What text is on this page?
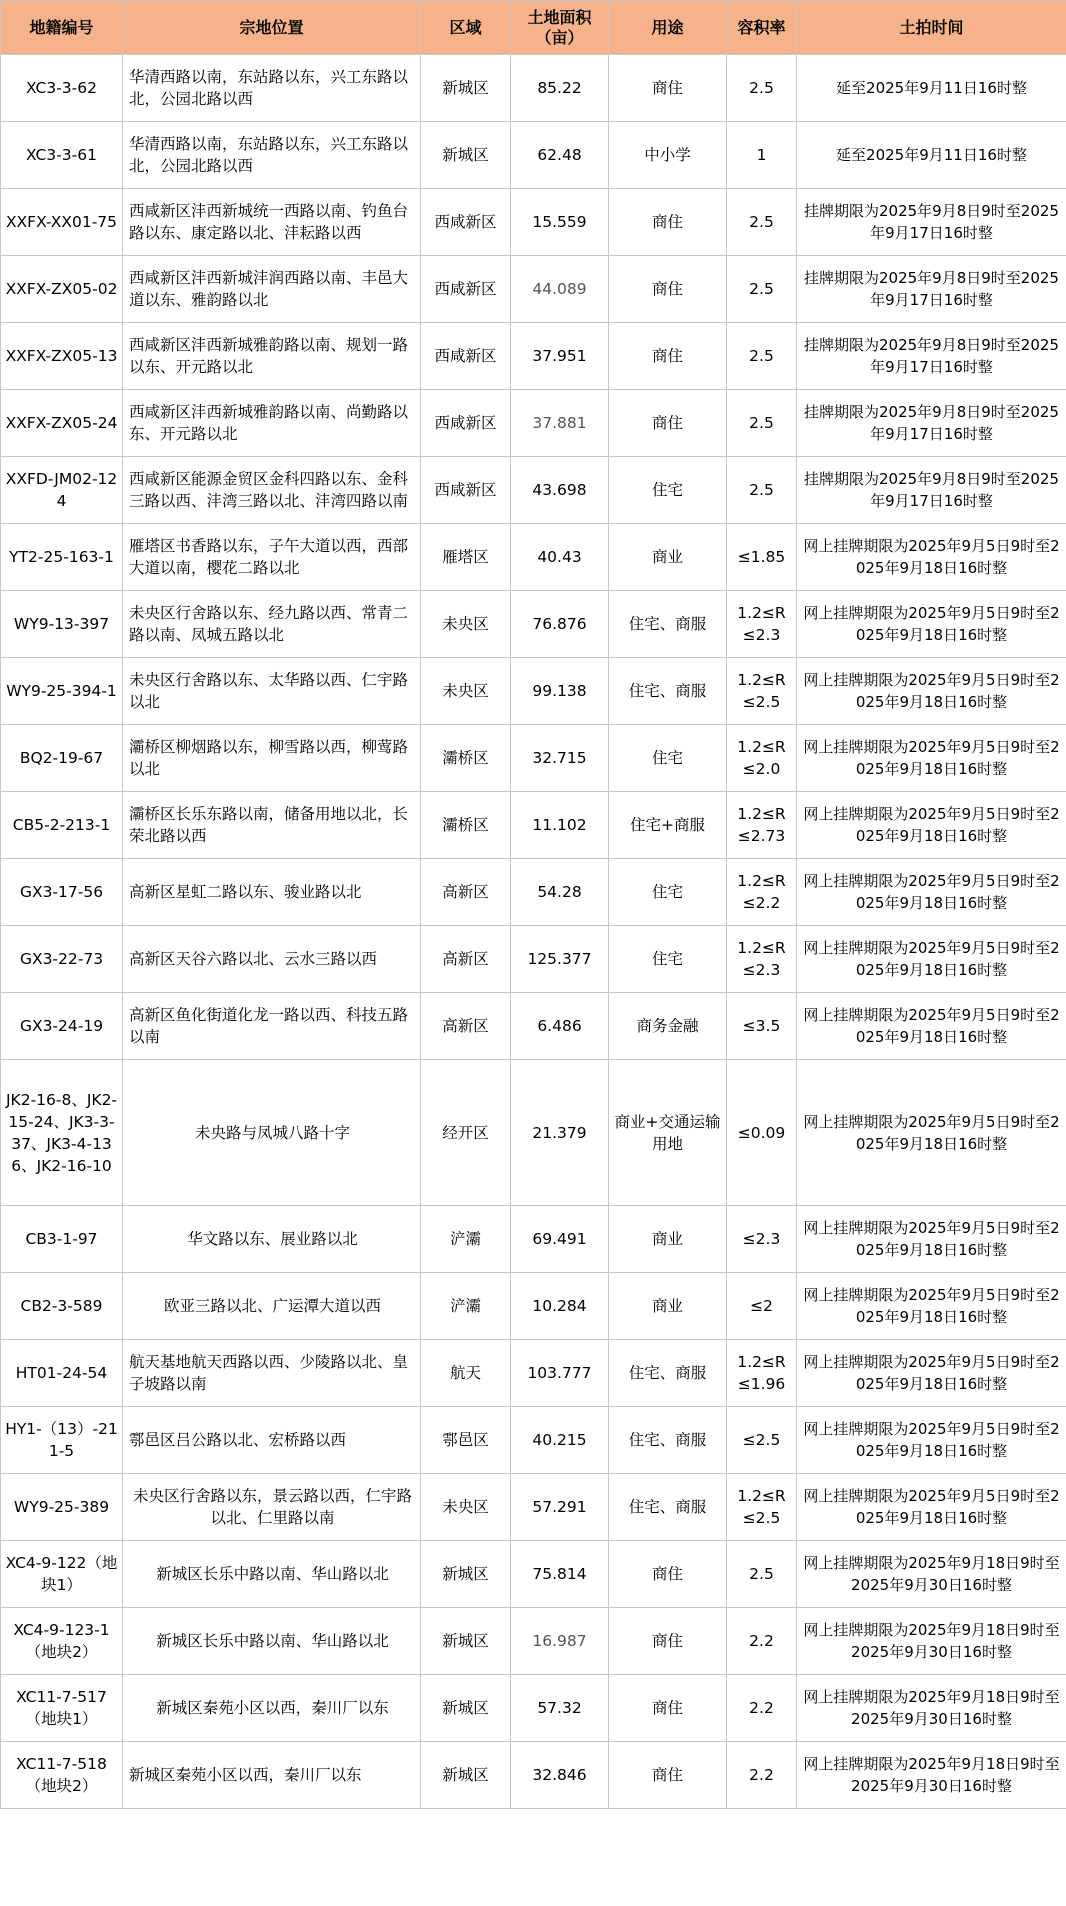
地籍编号	宗地位置	区域	土地面积（亩）	用途	容积率	土拍时间
XC3-3-62	华清西路以南，东站路以东，兴工东路以北，公园北路以西	新城区	85.22	商住	2.5	延至2025年9月11日16时整
XC3-3-61	华清西路以南，东站路以东，兴工东路以北，公园北路以西	新城区	62.48	中小学	1	延至2025年9月11日16时整
XXFX-XX01-75	西咸新区沣西新城统一西路以南、钓鱼台路以东、康定路以北、沣耘路以西	西咸新区	15.559	商住	2.5	挂牌期限为2025年9月8日9时至2025年9月17日16时整
XXFX-ZX05-02	西咸新区沣西新城沣润西路以南、丰邑大道以东、雅韵路以北	西咸新区	44.089	商住	2.5	挂牌期限为2025年9月8日9时至2025年9月17日16时整
XXFX-ZX05-13	西咸新区沣西新城雅韵路以南、规划一路以东、开元路以北	西咸新区	37.951	商住	2.5	挂牌期限为2025年9月8日9时至2025年9月17日16时整
XXFX-ZX05-24	西咸新区沣西新城雅韵路以南、尚勤路以东、开元路以北	西咸新区	37.881	商住	2.5	挂牌期限为2025年9月8日9时至2025年9月17日16时整
XXFD-JM02-124	西咸新区能源金贸区金科四路以东、金科三路以西、沣湾三路以北、沣湾四路以南	西咸新区	43.698	住宅	2.5	挂牌期限为2025年9月8日9时至2025年9月17日16时整
YT2-25-163-1	雁塔区书香路以东，子午大道以西，西部大道以南，樱花二路以北	雁塔区	40.43	商业	≤1.85	网上挂牌期限为2025年9月5日9时至2025年9月18日16时整
WY9-13-397	未央区行舍路以东、经九路以西、常青二路以南、凤城五路以北	未央区	76.876	住宅、商服	1.2≤R≤2.3	网上挂牌期限为2025年9月5日9时至2025年9月18日16时整
WY9-25-394-1	未央区行舍路以东、太华路以西、仁宇路以北	未央区	99.138	住宅、商服	1.2≤R≤2.5	网上挂牌期限为2025年9月5日9时至2025年9月18日16时整
BQ2-19-67	灞桥区柳烟路以东，柳雪路以西，柳莺路以北	灞桥区	32.715	住宅	1.2≤R≤2.0	网上挂牌期限为2025年9月5日9时至2025年9月18日16时整
CB5-2-213-1	灞桥区长乐东路以南，储备用地以北，长荣北路以西	灞桥区	11.102	住宅+商服	1.2≤R≤2.73	网上挂牌期限为2025年9月5日9时至2025年9月18日16时整
GX3-17-56	高新区星虹二路以东、骏业路以北	高新区	54.28	住宅	1.2≤R≤2.2	网上挂牌期限为2025年9月5日9时至2025年9月18日16时整
GX3-22-73	高新区天谷六路以北、云水三路以西	高新区	125.377	住宅	1.2≤R≤2.3	网上挂牌期限为2025年9月5日9时至2025年9月18日16时整
GX3-24-19	高新区鱼化街道化龙一路以西、科技五路以南	高新区	6.486	商务金融	≤3.5	网上挂牌期限为2025年9月5日9时至2025年9月18日16时整
JK2-16-8、JK2-15-24、JK3-3-37、JK3-4-136、JK2-16-10	未央路与凤城八路十字	经开区	21.379	商业+交通运输用地	≤0.09	网上挂牌期限为2025年9月5日9时至2025年9月18日16时整
CB3-1-97	华文路以东、展业路以北	浐灞	69.491	商业	≤2.3	网上挂牌期限为2025年9月5日9时至2025年9月18日16时整
CB2-3-589	欧亚三路以北、广运潭大道以西	浐灞	10.284	商业	≤2	网上挂牌期限为2025年9月5日9时至2025年9月18日16时整
HT01-24-54	航天基地航天西路以西、少陵路以北、皇子坡路以南	航天	103.777	住宅、商服	1.2≤R≤1.96	网上挂牌期限为2025年9月5日9时至2025年9月18日16时整
HY1-（13）-211-5	鄠邑区吕公路以北、宏桥路以西	鄠邑区	40.215	住宅、商服	≤2.5	网上挂牌期限为2025年9月5日9时至2025年9月18日16时整
WY9-25-389	未央区行舍路以东，景云路以西，仁宇路以北、仁里路以南	未央区	57.291	住宅、商服	1.2≤R≤2.5	网上挂牌期限为2025年9月5日9时至2025年9月18日16时整
XC4-9-122（地块1）	新城区长乐中路以南、华山路以北	新城区	75.814	商住	2.5	网上挂牌期限为2025年9月18日9时至2025年9月30日16时整
XC4-9-123-1（地块2）	新城区长乐中路以南、华山路以北	新城区	16.987	商住	2.2	网上挂牌期限为2025年9月18日9时至2025年9月30日16时整
XC11-7-517（地块1）	新城区秦苑小区以西，秦川厂以东	新城区	57.32	商住	2.2	网上挂牌期限为2025年9月18日9时至2025年9月30日16时整
XC11-7-518（地块2）	新城区秦苑小区以西，秦川厂以东	新城区	32.846	商住	2.2	网上挂牌期限为2025年9月18日9时至2025年9月30日16时整
